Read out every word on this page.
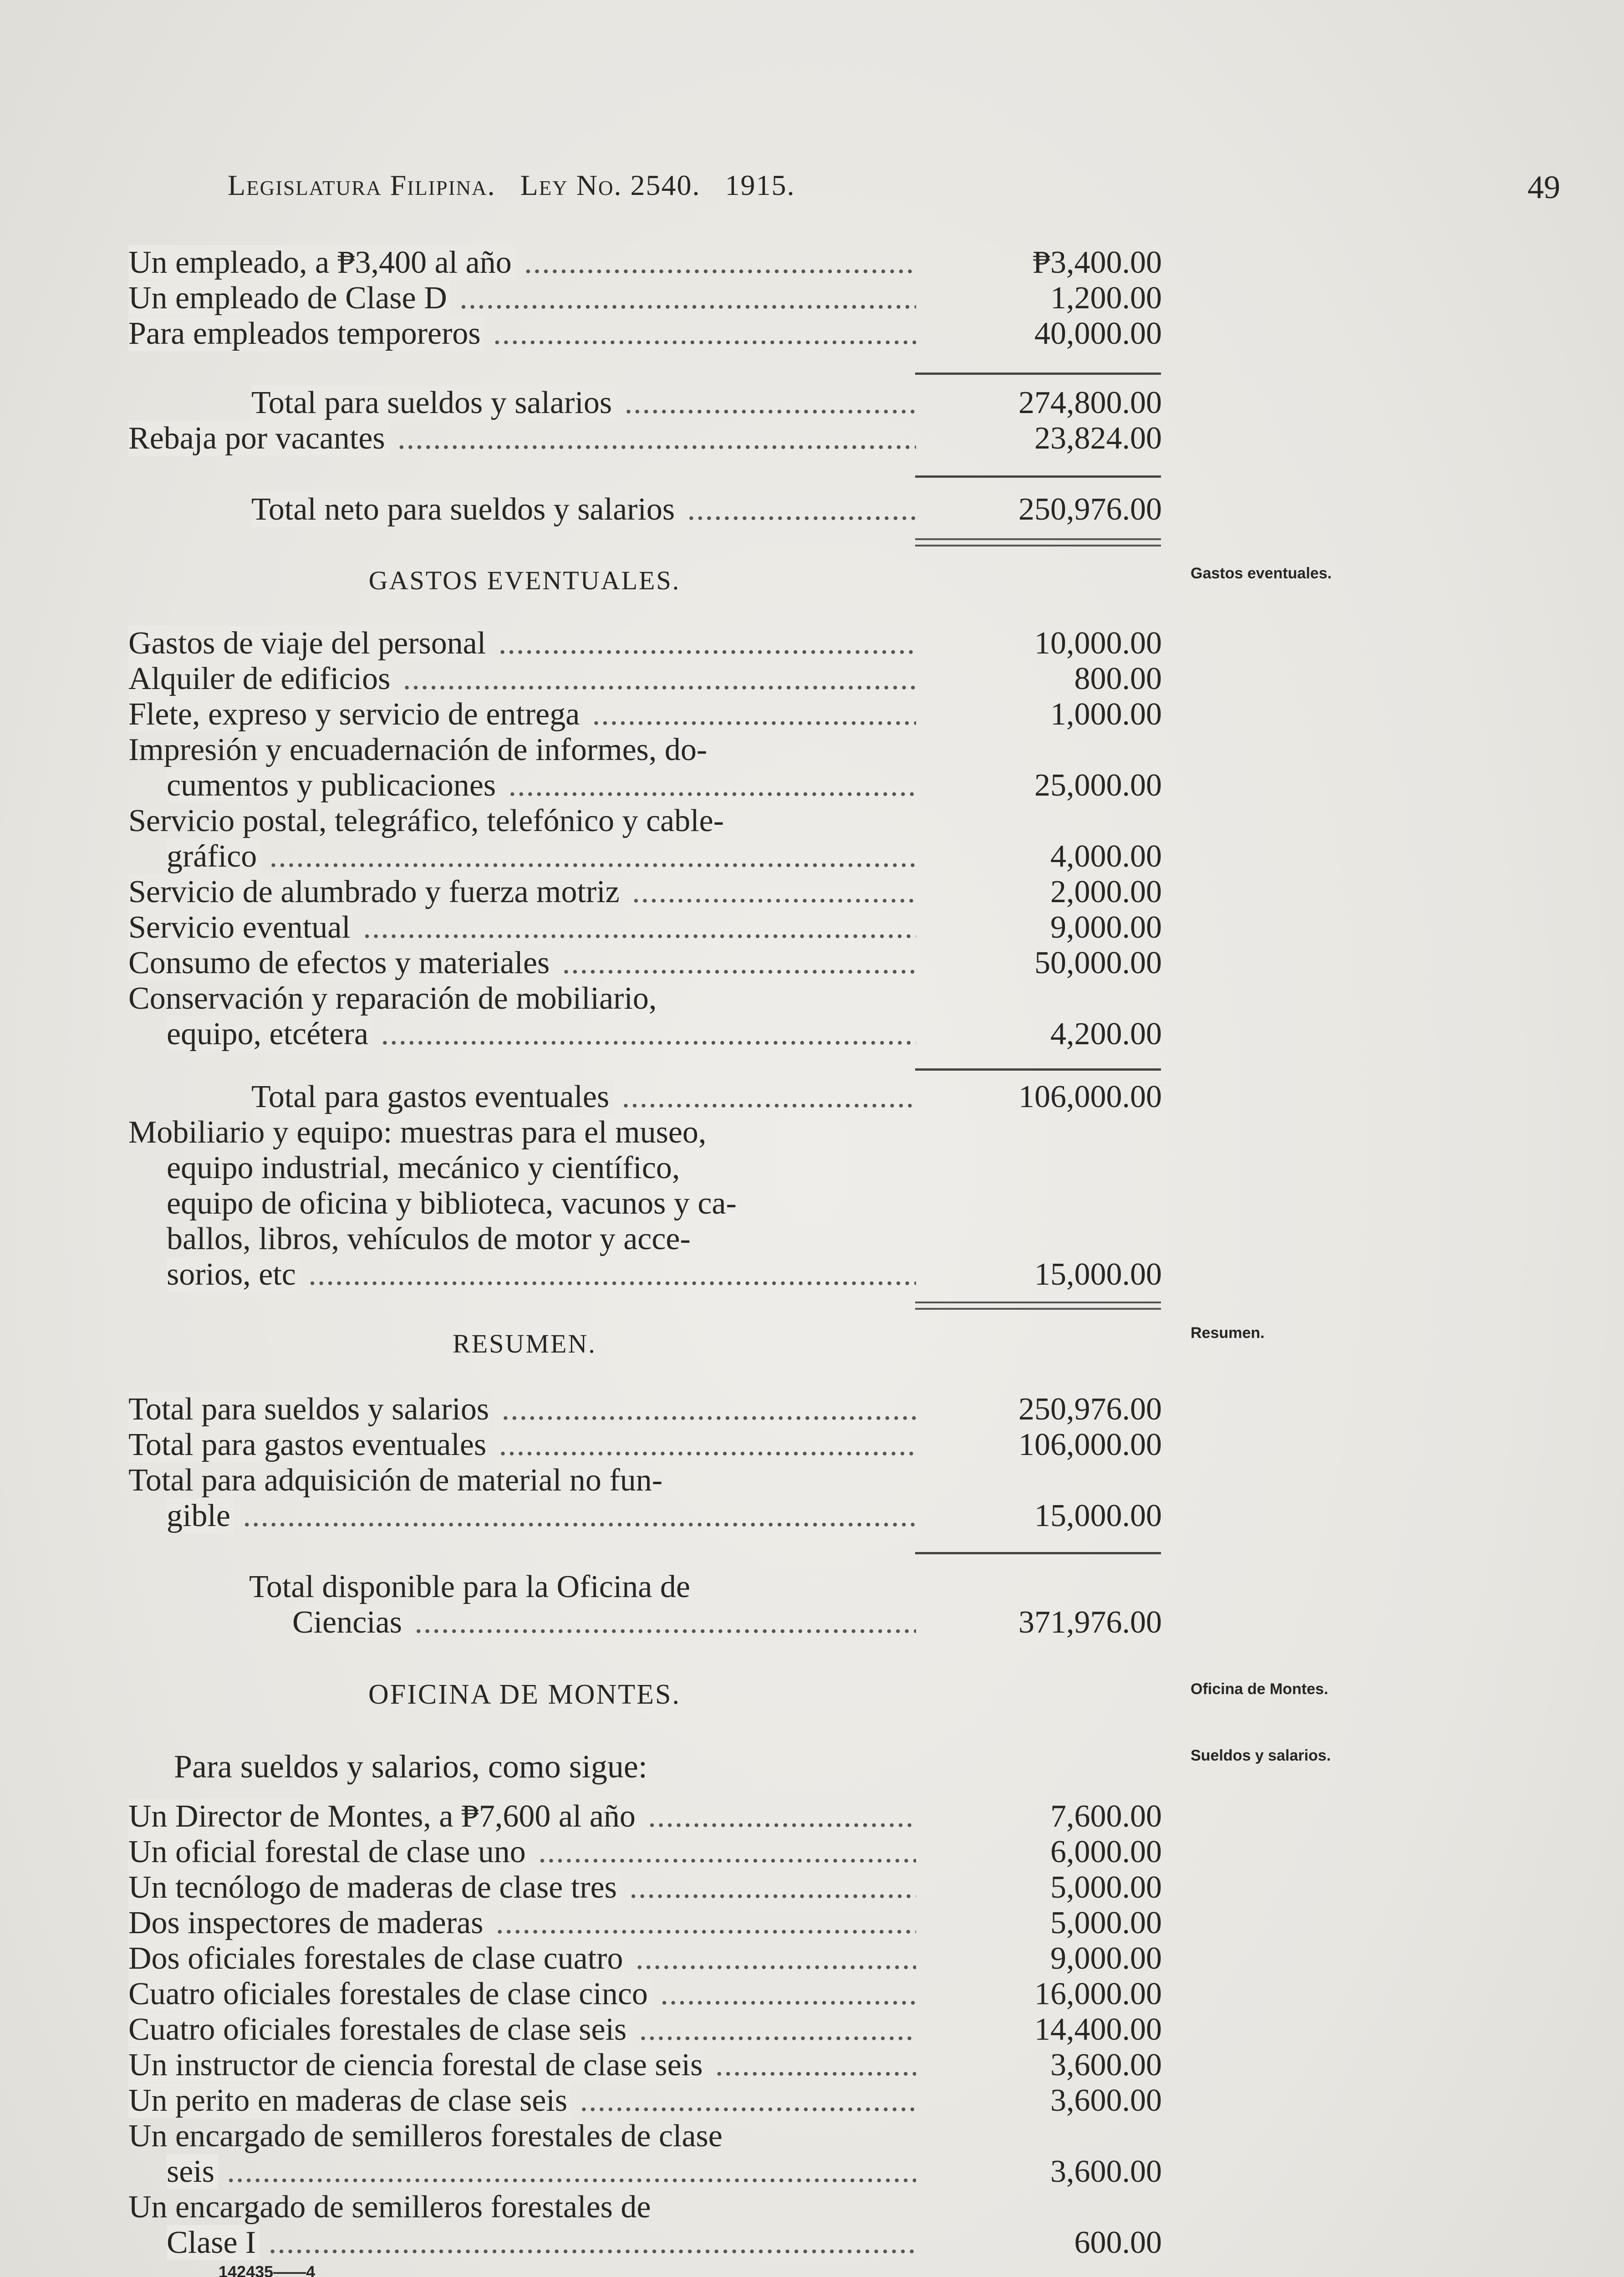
Legislatura Filipina. Ley No. 2540. 1915.	49
Un empleado, a ₱3,400 al año .....	₱3,400.00
Un empleado de Clase D .....	1,200.00
Para empleados temporeros .....	40,000.00
Total para sueldos y salarios .....	274,800.00
Rebaja por vacantes .....	23,824.00
Total neto para sueldos y salarios .....	250,976.00
GASTOS EVENTUALES.	Gastos eventuales.
Gastos de viaje del personal .....	10,000.00
Alquiler de edificios .....	800.00
Flete, expreso y servicio de entrega .....	1,000.00
Impresión y encuadernación de informes, do-
cumentos y publicaciones .....	25,000.00
Servicio postal, telegráfico, telefónico y cable-
gráfico .....	4,000.00
Servicio de alumbrado y fuerza motriz .....	2,000.00
Servicio eventual .....	9,000.00
Consumo de efectos y materiales .....	50,000.00
Conservación y reparación de mobiliario,
equipo, etcétera .....	4,200.00
Total para gastos eventuales .....	106,000.00
Mobiliario y equipo: muestras para el museo,
equipo industrial, mecánico y científico,
equipo de oficina y biblioteca, vacunos y ca-
ballos, libros, vehículos de motor y acce-
sorios, etc .....	15,000.00
RESUMEN.	Resumen.
Total para sueldos y salarios .....	250,976.00
Total para gastos eventuales .....	106,000.00
Total para adquisición de material no fun-
gible .....	15,000.00
Total disponible para la Oficina de
Ciencias .....	371,976.00
OFICINA DE MONTES.	Oficina de Montes.
Sueldos y salarios.
Para sueldos y salarios, como sigue:
Un Director de Montes, a ₱7,600 al año .....	7,600.00
Un oficial forestal de clase uno .....	6,000.00
Un tecnólogo de maderas de clase tres .....	5,000.00
Dos inspectores de maderas .....	5,000.00
Dos oficiales forestales de clase cuatro .....	9,000.00
Cuatro oficiales forestales de clase cinco .....	16,000.00
Cuatro oficiales forestales de clase seis .....	14,400.00
Un instructor de ciencia forestal de clase seis .....	3,600.00
Un perito en maderas de clase seis .....	3,600.00
Un encargado de semilleros forestales de clase
seis .....	3,600.00
Un encargado de semilleros forestales de
Clase I .....	600.00
142435——4
